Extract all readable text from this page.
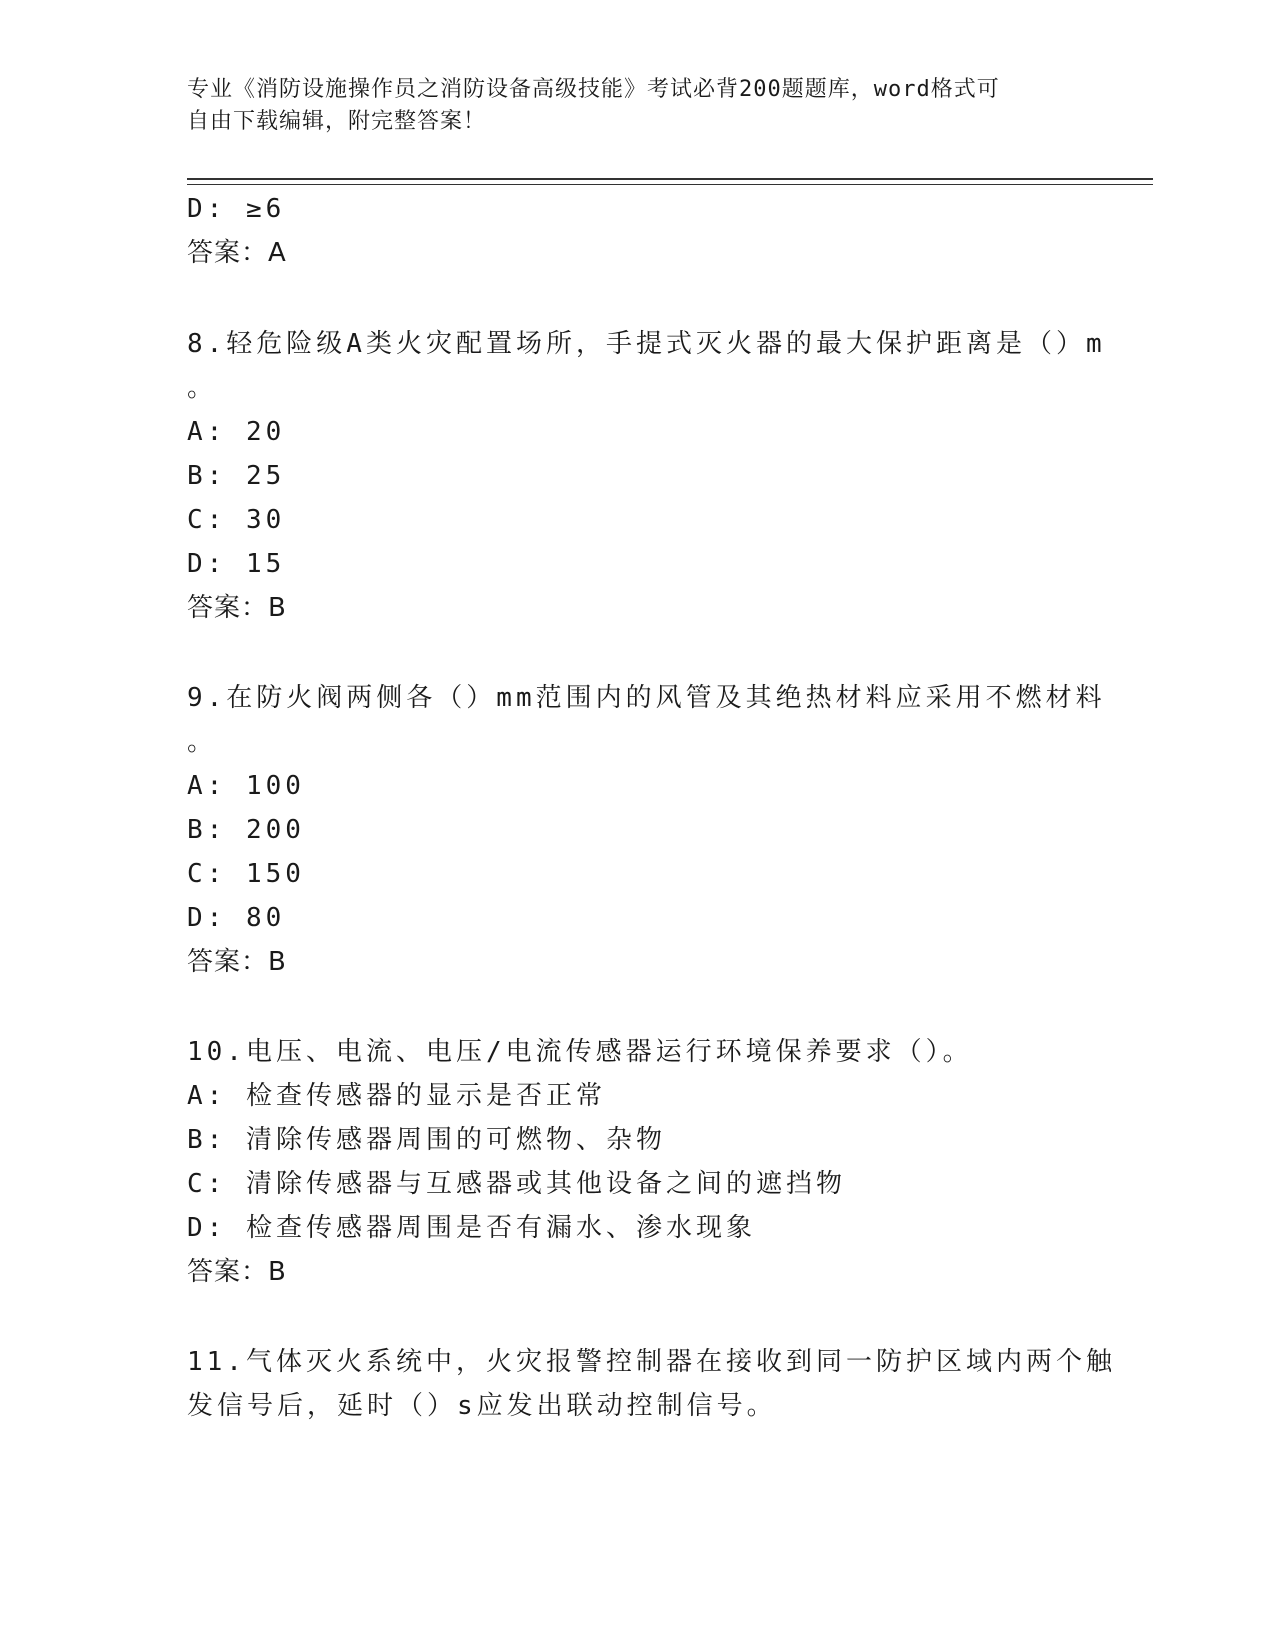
专业《消防设施操作员之消防设备高级技能》考试必背200题题库，word格式可
自由下载编辑，附完整答案！
D: ≥6
答案：A
8.轻危险级A类火灾配置场所，手提式灭火器的最大保护距离是（）m
。
A: 20
B: 25
C: 30
D: 15
答案：B
9.在防火阀两侧各（）mm范围内的风管及其绝热材料应采用不燃材料
。
A: 100
B: 200
C: 150
D: 80
答案：B
10.电压、电流、电压/电流传感器运行环境保养要求（）。
A: 检查传感器的显示是否正常
B: 清除传感器周围的可燃物、杂物
C: 清除传感器与互感器或其他设备之间的遮挡物
D: 检查传感器周围是否有漏水、渗水现象
答案：B
11.气体灭火系统中，火灾报警控制器在接收到同一防护区域内两个触
发信号后，延时（）s应发出联动控制信号。
